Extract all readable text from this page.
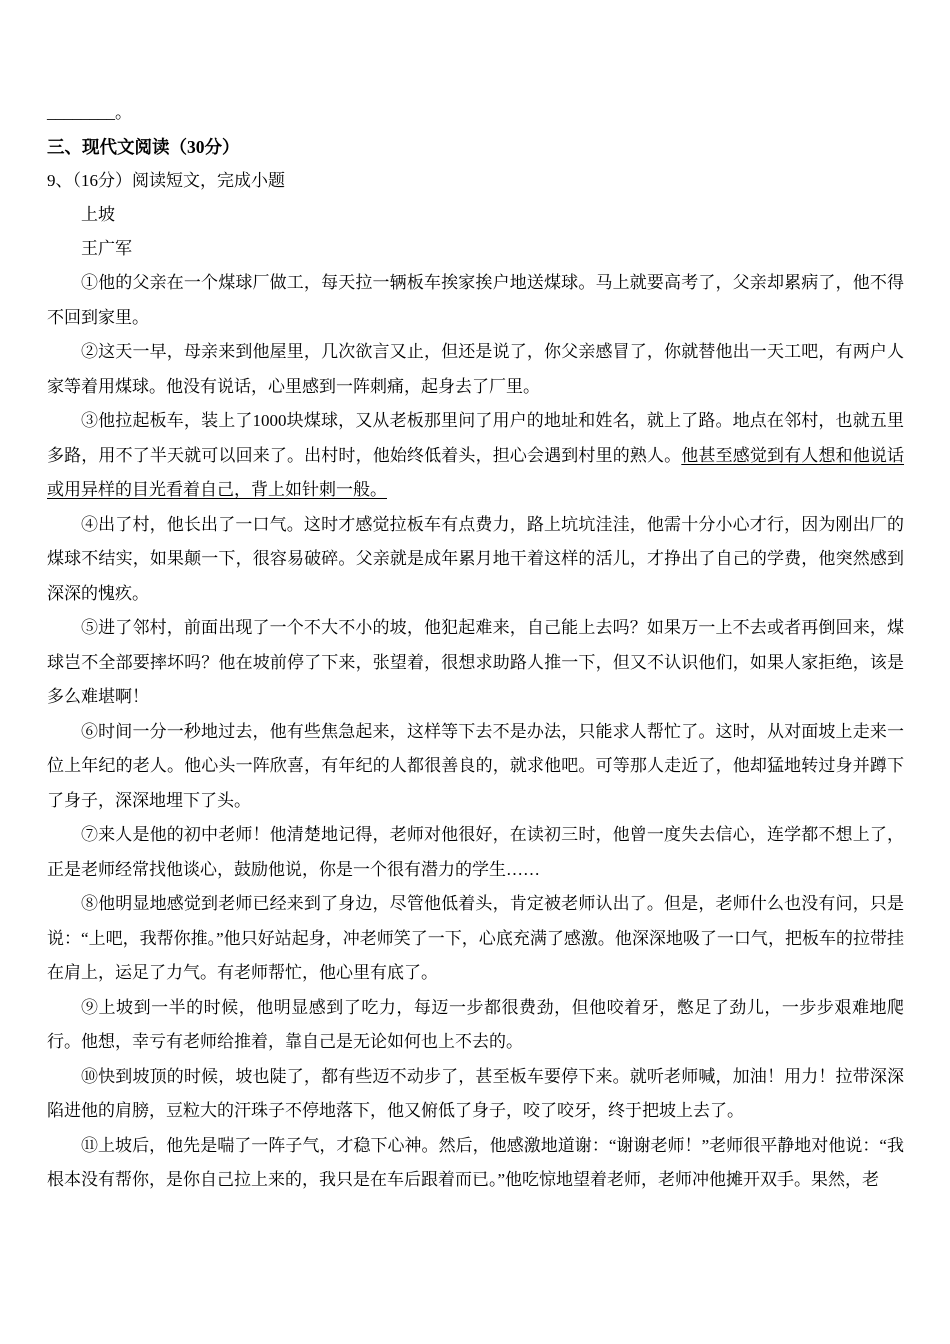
________。

三、现代文阅读（30分）

9、（16分）阅读短文，完成小题

上坡

王广军

①他的父亲在一个煤球厂做工，每天拉一辆板车挨家挨户地送煤球。马上就要高考了，父亲却累病了，他不得不回到家里。

②这天一早，母亲来到他屋里，几次欲言又止，但还是说了，你父亲感冒了，你就替他出一天工吧，有两户人家等着用煤球。他没有说话，心里感到一阵刺痛，起身去了厂里。

③他拉起板车，装上了1000块煤球，又从老板那里问了用户的地址和姓名，就上了路。地点在邻村，也就五里多路，用不了半天就可以回来了。出村时，他始终低着头，担心会遇到村里的熟人。他甚至感觉到有人想和他说话或用异样的目光看着自己，背上如针刺一般。

④出了村，他长出了一口气。这时才感觉拉板车有点费力，路上坑坑洼洼，他需十分小心才行，因为刚出厂的煤球不结实，如果颠一下，很容易破碎。父亲就是成年累月地干着这样的活儿，才挣出了自己的学费，他突然感到深深的愧疚。

⑤进了邻村，前面出现了一个不大不小的坡，他犯起难来，自己能上去吗？如果万一上不去或者再倒回来，煤球岂不全部要摔坏吗？他在坡前停了下来，张望着，很想求助路人推一下，但又不认识他们，如果人家拒绝，该是多么难堪啊！

⑥时间一分一秒地过去，他有些焦急起来，这样等下去不是办法，只能求人帮忙了。这时，从对面坡上走来一位上年纪的老人。他心头一阵欣喜，有年纪的人都很善良的，就求他吧。可等那人走近了，他却猛地转过身并蹲下了身子，深深地埋下了头。

⑦来人是他的初中老师！他清楚地记得，老师对他很好，在读初三时，他曾一度失去信心，连学都不想上了，正是老师经常找他谈心，鼓励他说，你是一个很有潜力的学生……

⑧他明显地感觉到老师已经来到了身边，尽管他低着头，肯定被老师认出了。但是，老师什么也没有问，只是说：“上吧，我帮你推。”他只好站起身，冲老师笑了一下，心底充满了感激。他深深地吸了一口气，把板车的拉带挂在肩上，运足了力气。有老师帮忙，他心里有底了。

⑨上坡到一半的时候，他明显感到了吃力，每迈一步都很费劲，但他咬着牙，憋足了劲儿，一步步艰难地爬行。他想，幸亏有老师给推着，靠自己是无论如何也上不去的。

⑩快到坡顶的时候，坡也陡了，都有些迈不动步了，甚至板车要停下来。就听老师喊，加油！用力！拉带深深陷进他的肩膀，豆粒大的汗珠子不停地落下，他又俯低了身子，咬了咬牙，终于把坡上去了。

⑪上坡后，他先是喘了一阵子气，才稳下心神。然后，他感激地道谢：“谢谢老师！”老师很平静地对他说：“我根本没有帮你，是你自己拉上来的，我只是在车后跟着而已。”他吃惊地望着老师，老师冲他摊开双手。果然，老
